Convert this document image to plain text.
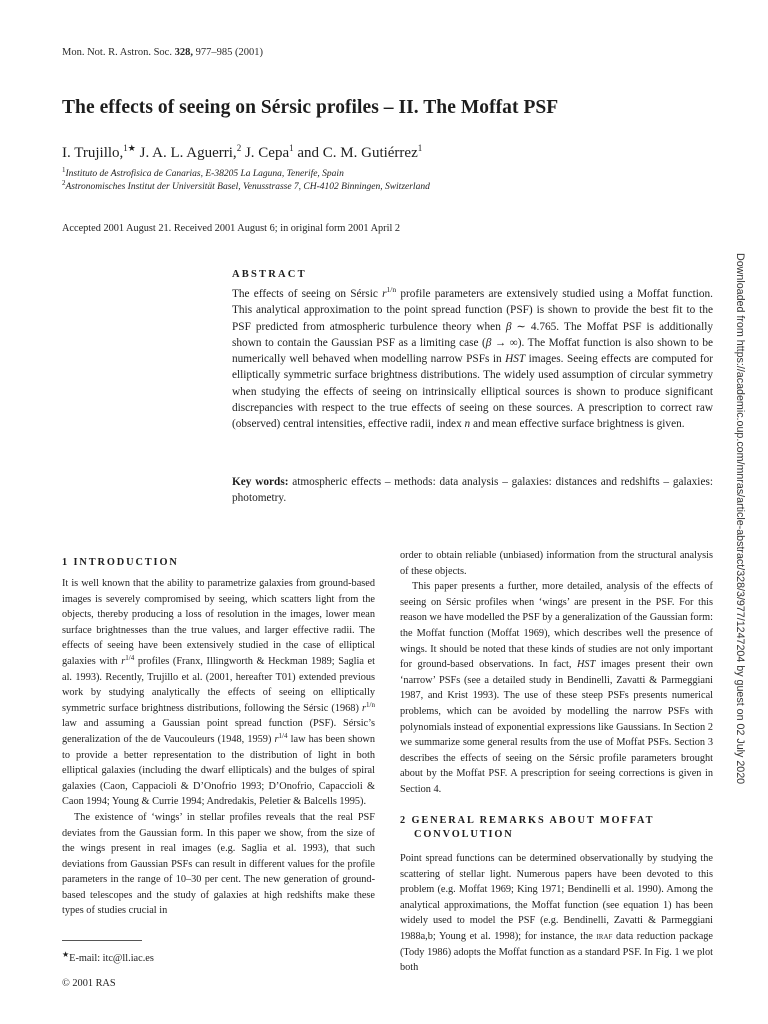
Mon. Not. R. Astron. Soc. 328, 977–985 (2001)
The effects of seeing on Sérsic profiles – II. The Moffat PSF
I. Trujillo,$^{1★}$ J. A. L. Aguerri,$^2$ J. Cepa$^1$ and C. M. Gutiérrez$^1$
$^1$Instituto de Astrofisica de Canarias, E-38205 La Laguna, Tenerife, Spain
$^2$Astronomisches Institut der Universität Basel, Venusstrasse 7, CH-4102 Binningen, Switzerland
Accepted 2001 August 21. Received 2001 August 6; in original form 2001 April 2
ABSTRACT
The effects of seeing on Sérsic $r^{1/n}$ profile parameters are extensively studied using a Moffat function. This analytical approximation to the point spread function (PSF) is shown to provide the best fit to the PSF predicted from atmospheric turbulence theory when β ∼ 4.765. The Moffat PSF is additionally shown to contain the Gaussian PSF as a limiting case (β → ∞). The Moffat function is also shown to be numerically well behaved when modelling narrow PSFs in HST images. Seeing effects are computed for elliptically symmetric surface brightness distributions. The widely used assumption of circular symmetry when studying the effects of seeing on intrinsically elliptical sources is shown to produce significant discrepancies with respect to the true effects of seeing on these sources. A prescription to correct raw (observed) central intensities, effective radii, index n and mean effective surface brightness is given.
Key words: atmospheric effects – methods: data analysis – galaxies: distances and redshifts – galaxies: photometry.
1 INTRODUCTION

It is well known that the ability to parametrize galaxies from ground-based images is severely compromised by seeing, which scatters light from the objects, thereby producing a loss of resolution in the images, lower mean surface brightnesses than the true values, and larger effective radii. The effects of seeing have been extensively studied in the case of elliptical galaxies with $r^{1/4}$ profiles (Franx, Illingworth & Heckman 1989; Saglia et al. 1993). Recently, Trujillo et al. (2001, hereafter T01) extended previous work by studying analytically the effects of seeing on elliptically symmetric surface brightness distributions, following the Sérsic (1968) $r^{1/n}$ law and assuming a Gaussian point spread function (PSF). Sérsic’s generalization of the de Vaucouleurs (1948, 1959) $r^{1/4}$ law has been shown to provide a better representation to the distribution of light in both elliptical galaxies (including the dwarf ellipticals) and the bulges of spiral galaxies (Caon, Cappacioli & D’Onofrio 1993; D’Onofrio, Capaccioli & Caon 1994; Young & Currie 1994; Andredakis, Peletier & Balcells 1995).

The existence of ‘wings’ in stellar profiles reveals that the real PSF deviates from the Gaussian form. In this paper we show, from the size of the wings present in real images (e.g. Saglia et al. 1993), that such deviations from Gaussian PSFs can result in different values for the profile parameters in the range of 10–30 per cent. The new generation of ground-based telescopes and the study of galaxies at high redshifts make these types of studies crucial in

order to obtain reliable (unbiased) information from the structural analysis of these objects.

This paper presents a further, more detailed, analysis of the effects of seeing on Sérsic profiles when ‘wings’ are present in the PSF. For this reason we have modelled the PSF by a generalization of the Gaussian form: the Moffat function (Moffat 1969), which describes well the presence of wings. It should be noted that these kinds of studies are not only important for ground-based observations. In fact, HST images present their own ‘narrow’ PSFs (see a detailed study in Bendinelli, Zavatti & Parmeggiani 1987, and Krist 1993). The use of these steep PSFs presents numerical problems, which can be avoided by modelling the narrow PSFs with polynomials instead of exponential expressions like Gaussians. In Section 2 we summarize some general results from the use of Moffat PSFs. Section 3 describes the effects of seeing on the Sérsic profile parameters brought about by the Moffat PSF. A prescription for seeing corrections is given in Section 4.

2 GENERAL REMARKS ABOUT MOFFAT
CONVOLUTION

Point spread functions can be determined observationally by studying the scattering of stellar light. Numerous papers have been devoted to this problem (e.g. Moffat 1969; King 1971; Bendinelli et al. 1990). Among the analytical approximations, the Moffat function (see equation 1) has been widely used to model the PSF (e.g. Bendinelli, Zavatti & Parmeggiani 1988a,b; Young et al. 1998); for instance, the iraf data reduction package (Tody 1986) adopts the Moffat function as a standard PSF. In Fig. 1 we plot both

★E-mail: itc@ll.iac.es
© 2001 RAS
Downloaded from https://academic.oup.com/mnras/article-abstract/328/3/977/1247204 by guest on 02 July 2020
